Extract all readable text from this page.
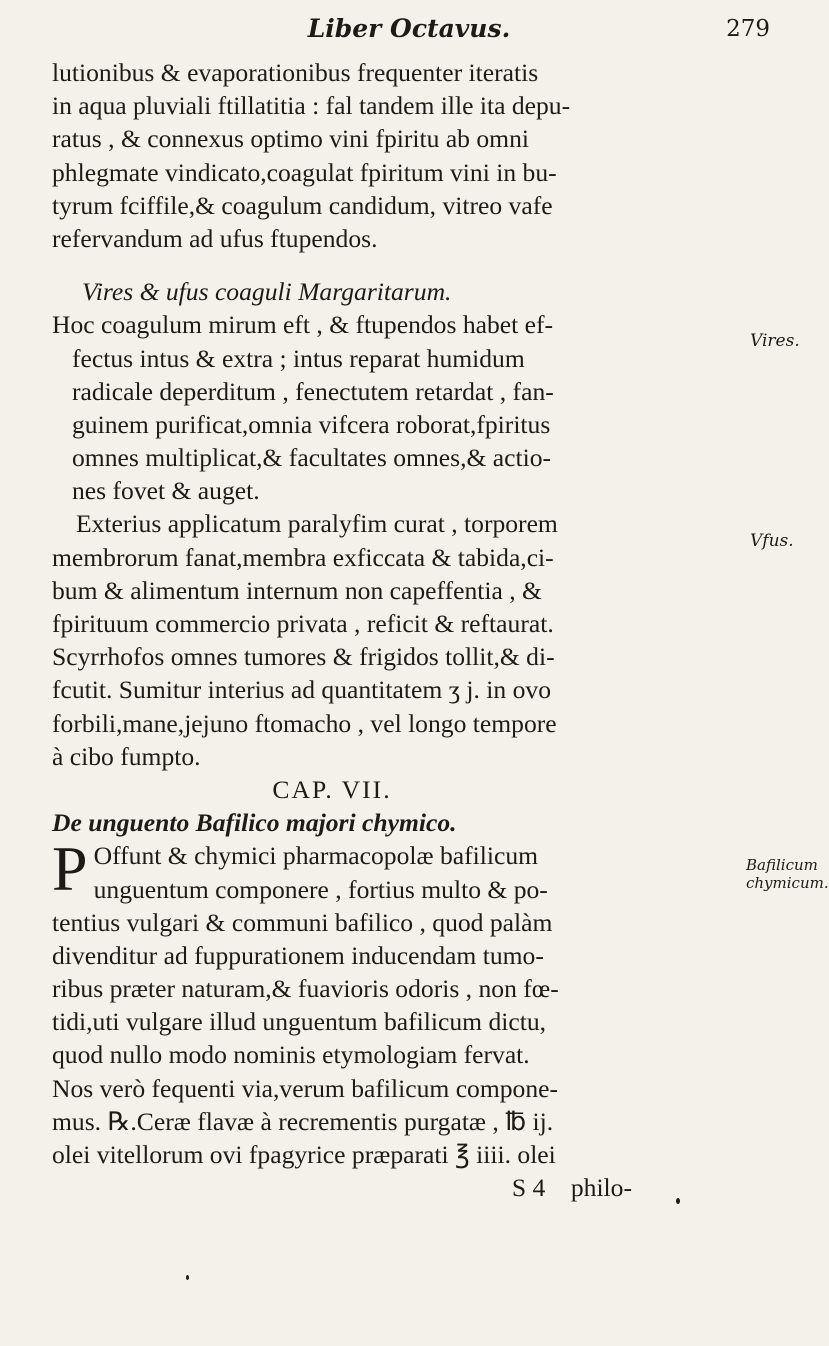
Liber Octavus.	279
lutionibus & evaporationibus frequenter iteratis
in aqua pluviali ftillatitia : fal tandem ille ita depu-
ratus , & connexus optimo vini fpiritu ab omni
phlegmate vindicato,coagulat fpiritum vini in bu-
tyrum fciffile,& coagulum candidum, vitreo vafe
refervandum ad ufus ftupendos.
Vires & ufus coaguli Margaritarum.
Hoc coagulum mirum eft , & ftupendos habet ef-
fectus intus & extra ; intus reparat humidum
radicale deperditum , fenectutem retardat , fan-
guinem purificat,omnia vifcera roborat,fpiritus
omnes multiplicat,& facultates omnes,& actio-
nes fovet & auget.
Exterius applicatum paralyfim curat , torporem
membrorum fanat,membra exficcata & tabida,ci-
bum & alimentum internum non capeffentia , &
fpirituum commercio privata , reficit & reftaurat.
Scyrrhofos omnes tumores & frigidos tollit,& di-
fcutit. Sumitur interius ad quantitatem ʒ j. in ovo
forbili,mane,jejuno ftomacho , vel longo tempore
à cibo fumpto.
CAP. VII.
De unguento Bafilico majori chymico.
P Offunt & chymici pharmacopolæ bafilicum
unguentum componere , fortius multo & po-
tentius vulgari & communi bafilico , quod palàm
divenditur ad fuppurationem inducendam tumo-
ribus præter naturam,& fuavioris odoris , non fœ-
tidi,uti vulgare illud unguentum bafilicum dictu,
quod nullo modo nominis etymologiam fervat.
Nos verò fequenti via,verum bafilicum compone-
mus. ℞.Ceræ flavæ à recrementis purgatæ , ℔ ij.
olei vitellorum ovi fpagyrice præparati ℥ iiii. olei
S 4    philo-
Vires.
Vfus.
Bafilicum chymicum.
